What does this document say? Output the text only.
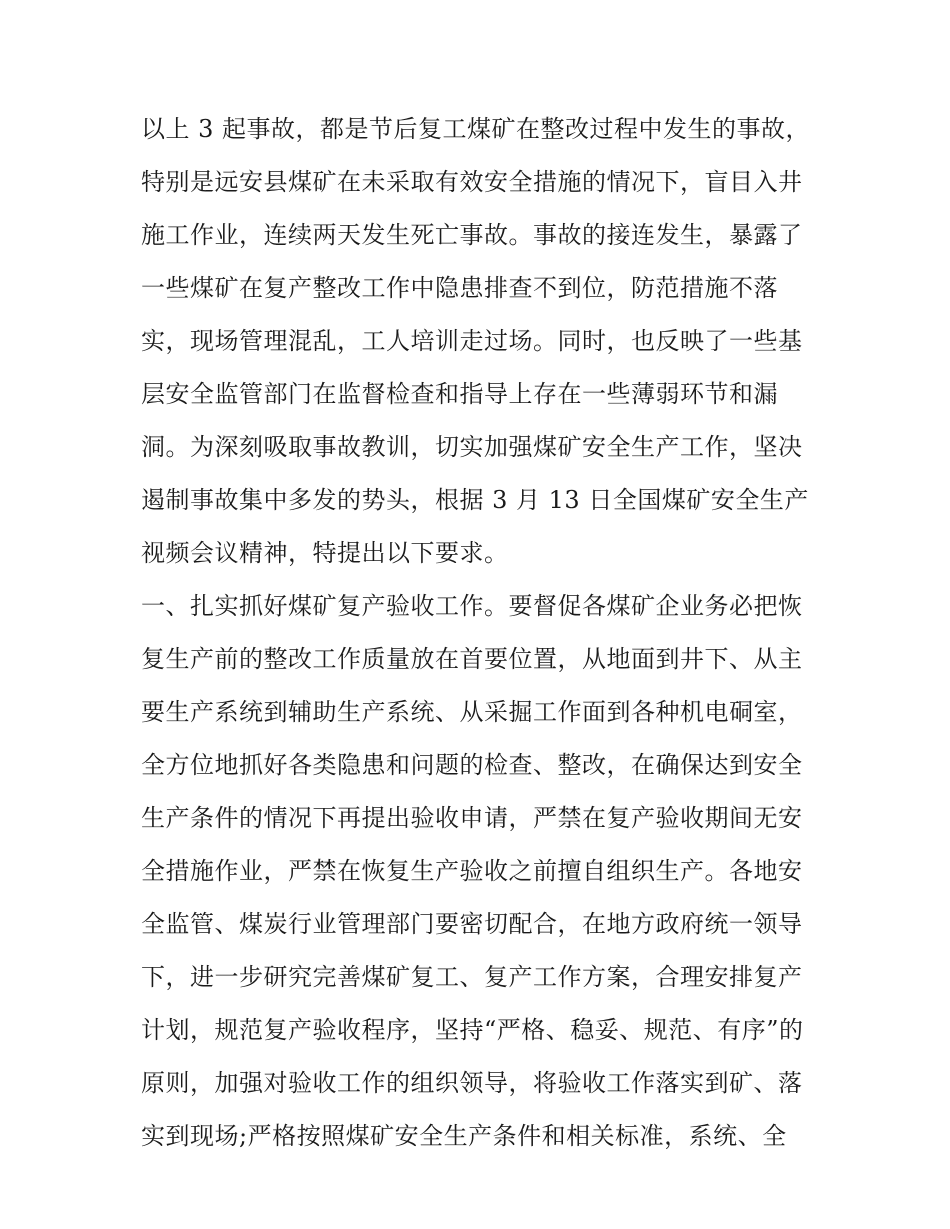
以上 3 起事故，都是节后复工煤矿在整改过程中发生的事故，
特别是远安县煤矿在未采取有效安全措施的情况下，盲目入井
施工作业，连续两天发生死亡事故。事故的接连发生，暴露了
一些煤矿在复产整改工作中隐患排查不到位，防范措施不落
实，现场管理混乱，工人培训走过场。同时，也反映了一些基
层安全监管部门在监督检查和指导上存在一些薄弱环节和漏
洞。为深刻吸取事故教训，切实加强煤矿安全生产工作，坚决
遏制事故集中多发的势头，根据 3 月 13 日全国煤矿安全生产
视频会议精神，特提出以下要求。
一、扎实抓好煤矿复产验收工作。要督促各煤矿企业务必把恢
复生产前的整改工作质量放在首要位置，从地面到井下、从主
要生产系统到辅助生产系统、从采掘工作面到各种机电硐室，
全方位地抓好各类隐患和问题的检查、整改，在确保达到安全
生产条件的情况下再提出验收申请，严禁在复产验收期间无安
全措施作业，严禁在恢复生产验收之前擅自组织生产。各地安
全监管、煤炭行业管理部门要密切配合，在地方政府统一领导
下，进一步研究完善煤矿复工、复产工作方案，合理安排复产
计划，规范复产验收程序，坚持“严格、稳妥、规范、有序”的
原则，加强对验收工作的组织领导，将验收工作落实到矿、落
实到现场;严格按照煤矿安全生产条件和相关标准，系统、全
